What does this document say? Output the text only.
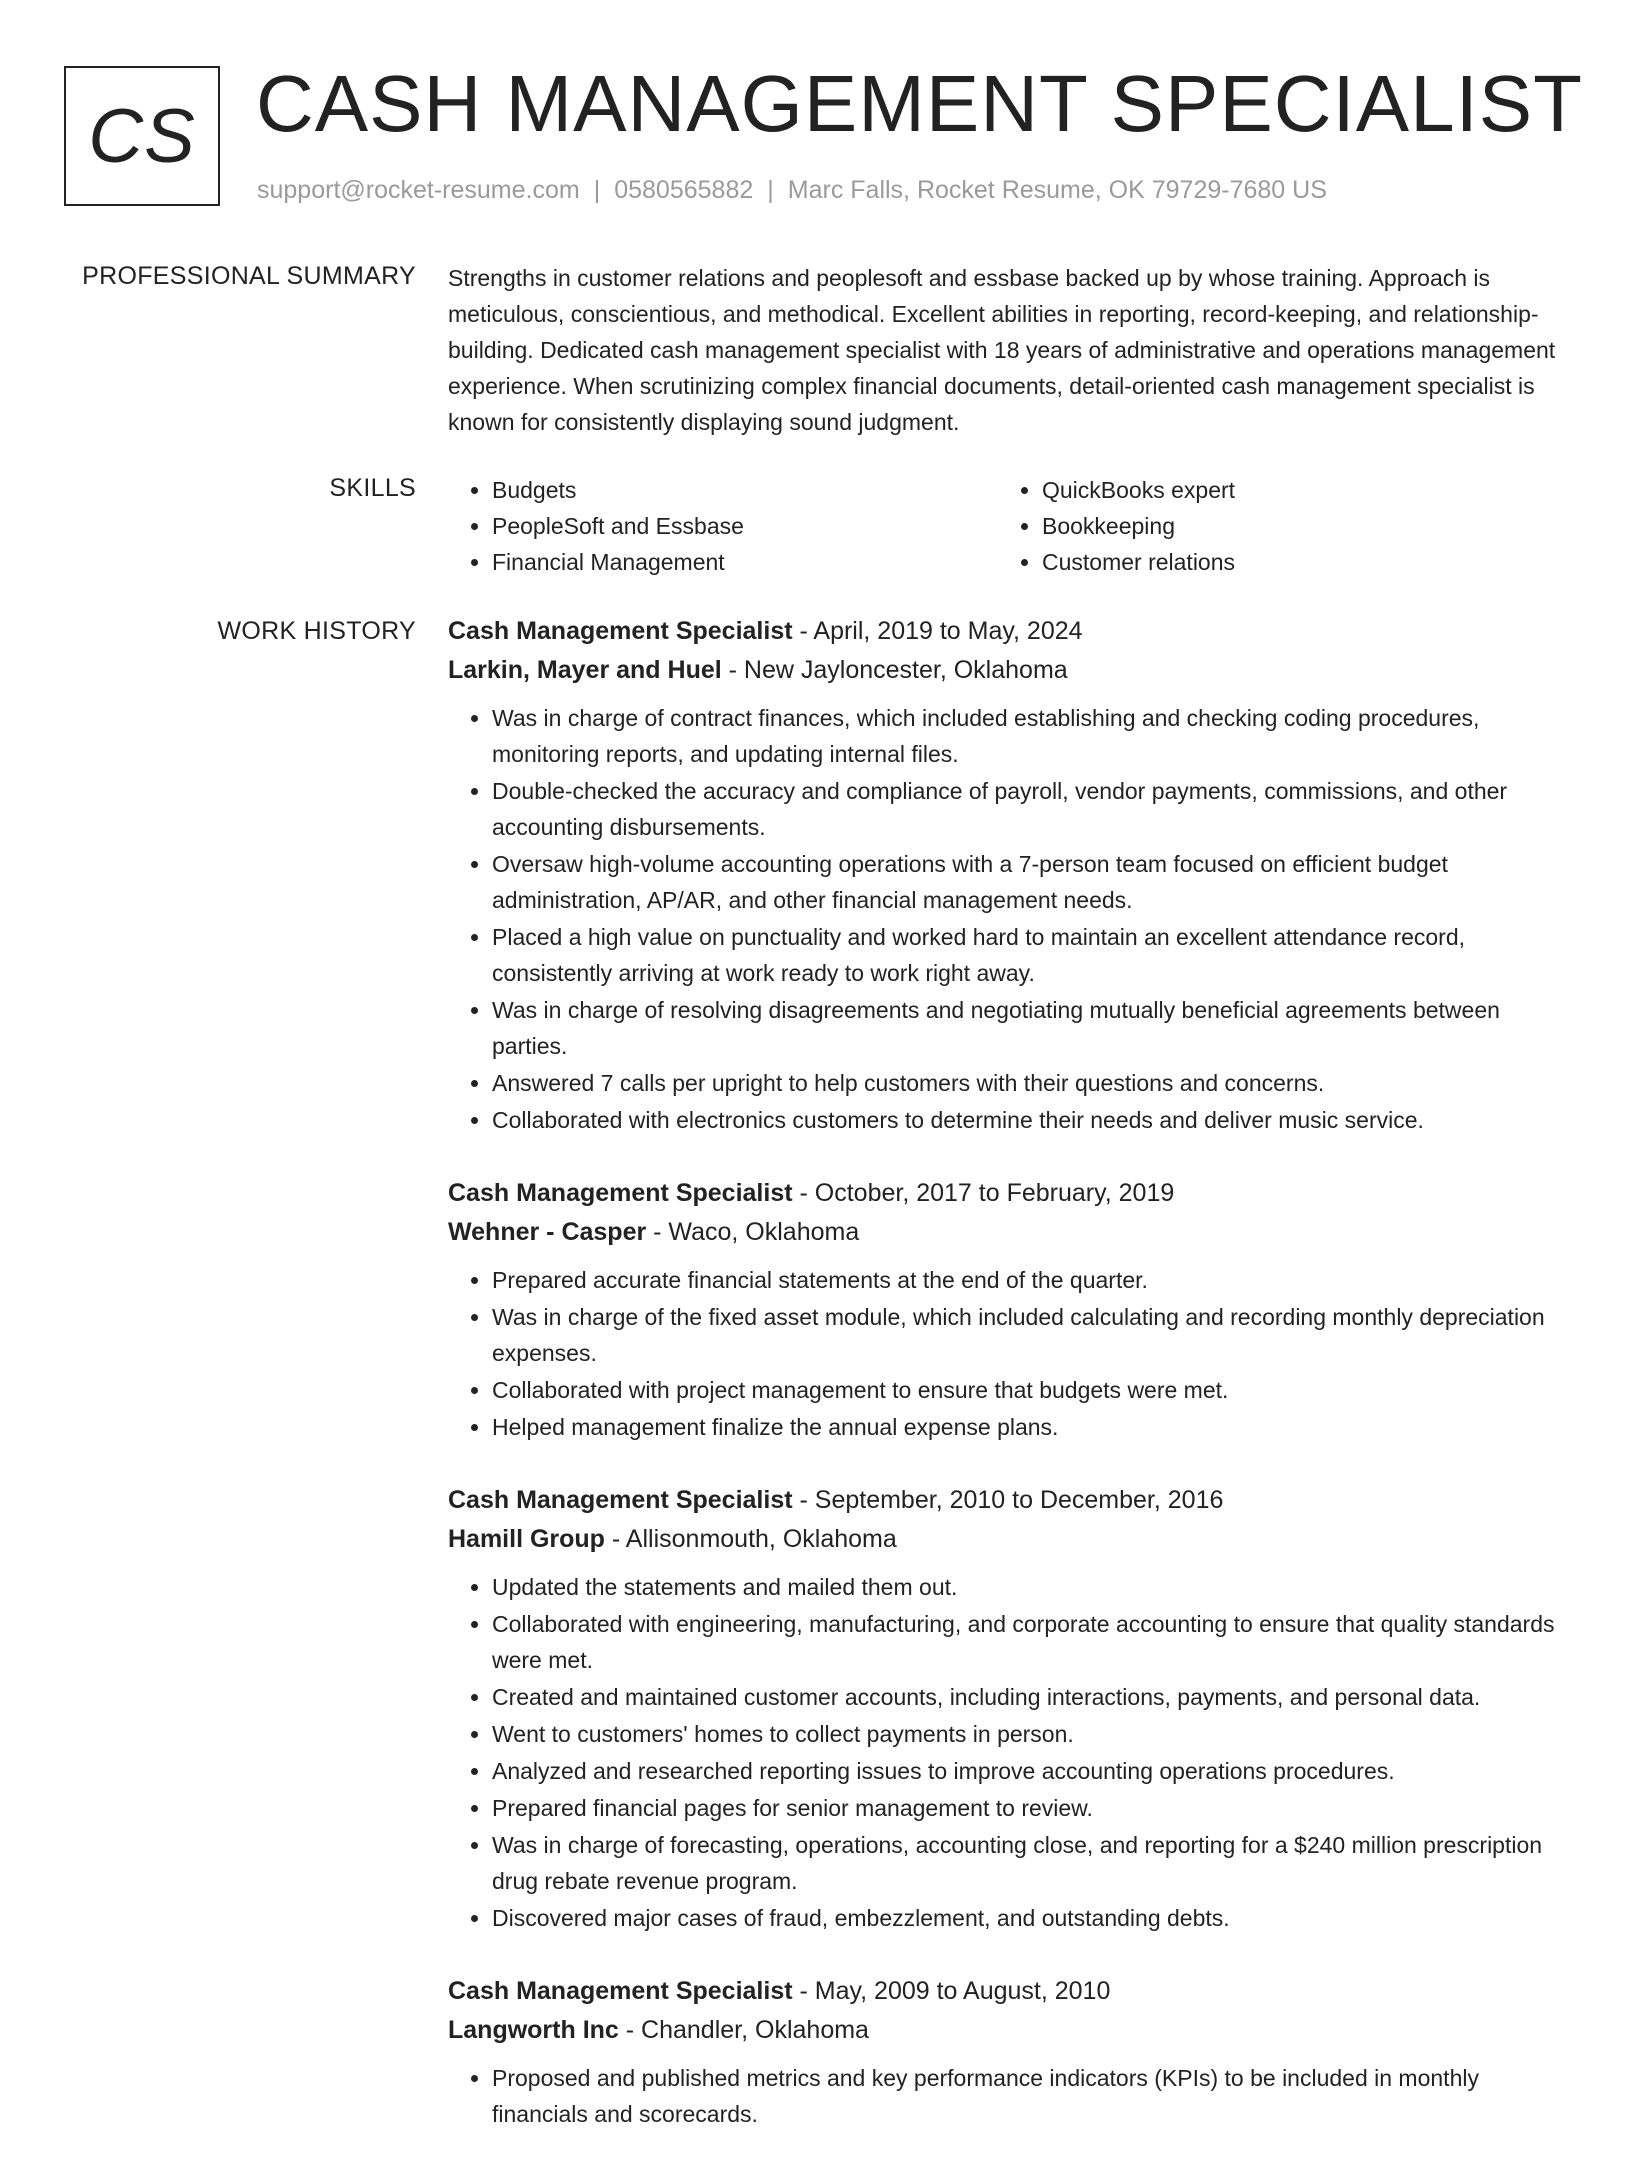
CS CASH MANAGEMENT SPECIALIST
support@rocket-resume.com | 0580565882 | Marc Falls, Rocket Resume, OK 79729-7680 US
PROFESSIONAL SUMMARY Strengths in customer relations and peoplesoft and essbase backed up by whose training. Approach is meticulous, conscientious, and methodical. Excellent abilities in reporting, record-keeping, and relationship-building. Dedicated cash management specialist with 18 years of administrative and operations management experience. When scrutinizing complex financial documents, detail-oriented cash management specialist is known for consistently displaying sound judgment.

SKILLS
•	Budgets
• PeopleSoft and Essbase
• Financial Management
• QuickBooks expert
• Bookkeeping
• Customer relations
WORK HISTORY Cash Management Specialist - April, 2019 to May, 2024
Larkin, Mayer and Huel - New Jayloncester, Oklahoma
• Was in charge of contract finances, which included establishing and checking coding procedures, monitoring reports, and updating internal files.
• Double-checked the accuracy and compliance of payroll, vendor payments, commissions, and other accounting disbursements.
• Oversaw high-volume accounting operations with a 7-person team focused on efficient budget administration, AP/AR, and other financial management needs.
• Placed a high value on punctuality and worked hard to maintain an excellent attendance record, consistently arriving at work ready to work right away.
• Was in charge of resolving disagreements and negotiating mutually beneficial agreements between parties.
• Answered 7 calls per upright to help customers with their questions and concerns.
• Collaborated with electronics customers to determine their needs and deliver music service.
Cash Management Specialist - October, 2017 to February, 2019
Wehner - Casper - Waco, Oklahoma
• Prepared accurate financial statements at the end of the quarter.
• Was in charge of the fixed asset module, which included calculating and recording monthly depreciation expenses.
• Collaborated with project management to ensure that budgets were met.
• Helped management finalize the annual expense plans.
Cash Management Specialist - September, 2010 to December, 2016
Hamill Group - Allisonmouth, Oklahoma
• Updated the statements and mailed them out.
• Collaborated with engineering, manufacturing, and corporate accounting to ensure that quality standards were met.
• Created and maintained customer accounts, including interactions, payments, and personal data.
• Went to customers' homes to collect payments in person.
• Analyzed and researched reporting issues to improve accounting operations procedures.
• Prepared financial pages for senior management to review.
• Was in charge of forecasting, operations, accounting close, and reporting for a $240 million prescription drug rebate revenue program.
• Discovered major cases of fraud, embezzlement, and outstanding debts.
Cash Management Specialist - May, 2009 to August, 2010
Langworth Inc - Chandler, Oklahoma
• Proposed and published metrics and key performance indicators (KPIs) to be included in monthly financials and scorecards.
